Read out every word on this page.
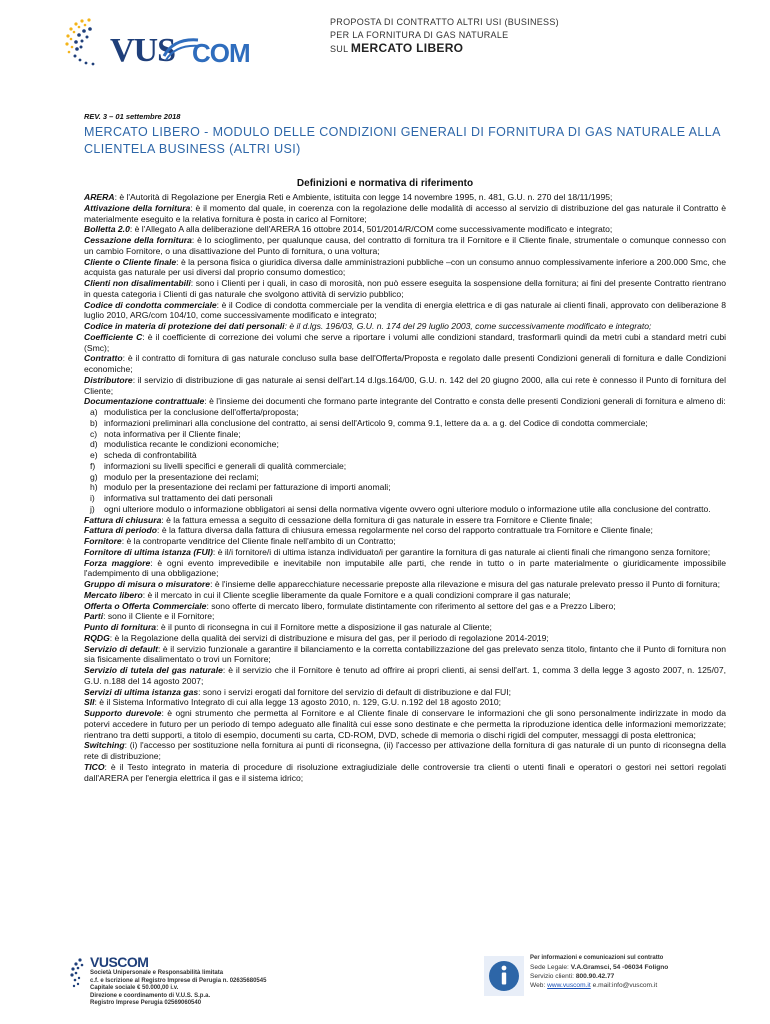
VUS COM
PROPOSTA DI CONTRATTO ALTRI USI (BUSINESS)
PER LA FORNITURA DI GAS NATURALE
SUL MERCATO LIBERO
REV. 3 – 01 settembre 2018
MERCATO LIBERO - MODULO DELLE CONDIZIONI GENERALI DI FORNITURA DI GAS NATURALE ALLA CLIENTELA BUSINESS (ALTRI USI)
Definizioni e normativa di riferimento

ARERA: è l'Autorità di Regolazione per Energia Reti e Ambiente, istituita con legge 14 novembre 1995, n. 481, G.U. n. 270 del 18/11/1995;

Attivazione della fornitura: è il momento dal quale, in coerenza con la regolazione delle modalità di accesso al servizio di distribuzione del gas naturale il Contratto è materialmente eseguito e la relativa fornitura è posta in carico al Fornitore;

Bolletta 2.0: è l'Allegato A alla deliberazione dell'ARERA 16 ottobre 2014, 501/2014/R/COM come successivamente modificato e integrato;

Cessazione della fornitura: è lo scioglimento, per qualunque causa, del contratto di fornitura tra il Fornitore e il Cliente finale, strumentale o comunque connesso con un cambio Fornitore, o una disattivazione del Punto di fornitura, o una voltura;

Cliente o Cliente finale: è la persona fisica o giuridica diversa dalle amministrazioni pubbliche –con un consumo annuo complessivamente inferiore a 200.000 Smc, che acquista gas naturale per usi diversi dal proprio consumo domestico;

Clienti non disalimentabili: sono i Clienti per i quali, in caso di morosità, non può essere eseguita la sospensione della fornitura; ai fini del presente Contratto rientrano in questa categoria i Clienti di gas naturale che svolgono attività di servizio pubblico;

Codice di condotta commerciale: è il Codice di condotta commerciale per la vendita di energia elettrica e di gas naturale ai clienti finali, approvato con deliberazione 8 luglio 2010, ARG/com 104/10, come successivamente modificato e integrato;

Codice in materia di protezione dei dati personali: è il d.lgs. 196/03, G.U. n. 174 del 29 luglio 2003, come successivamente modificato e integrato;

Coefficiente C: è il coefficiente di correzione dei volumi che serve a riportare i volumi alle condizioni standard, trasformarli quindi da metri cubi a standard metri cubi (Smc);

Contratto: è il contratto di fornitura di gas naturale concluso sulla base dell'Offerta/Proposta e regolato dalle presenti Condizioni generali di fornitura e dalle Condizioni economiche;

Distributore: il servizio di distribuzione di gas naturale ai sensi dell'art.14 d.lgs.164/00, G.U. n. 142 del 20 giugno 2000, alla cui rete è connesso il Punto di fornitura del Cliente;

Documentazione contrattuale: è l'insieme dei documenti che formano parte integrante del Contratto e consta delle presenti Condizioni generali di fornitura e almeno di:

a) modulistica per la conclusione dell'offerta/proposta;
b) informazioni preliminari alla conclusione del contratto, ai sensi dell'Articolo 9, comma 9.1, lettere da a. a g. del Codice di condotta commerciale;
c) nota informativa per il Cliente finale;
d) modulistica recante le condizioni economiche;
e) scheda di confrontabilità
f) informazioni su livelli specifici e generali di qualità commerciale;
g) modulo per la presentazione dei reclami;
h) modulo per la presentazione dei reclami per fatturazione di importi anomali;
i) informativa sul trattamento dei dati personali
j) ogni ulteriore modulo o informazione obbligatori ai sensi della normativa vigente ovvero ogni ulteriore modulo o informazione utile alla conclusione del contratto.

Fattura di chiusura: è la fattura emessa a seguito di cessazione della fornitura di gas naturale in essere tra Fornitore e Cliente finale;

Fattura di periodo: è la fattura diversa dalla fattura di chiusura emessa regolarmente nel corso del rapporto contrattuale tra Fornitore e Cliente finale;

Fornitore: è la controparte venditrice del Cliente finale nell'ambito di un Contratto;

Fornitore di ultima istanza (FUI): è il/i fornitore/i di ultima istanza individuato/i per garantire la fornitura di gas naturale ai clienti finali che rimangono senza fornitore;

Forza maggiore: è ogni evento imprevedibile e inevitabile non imputabile alle parti, che rende in tutto o in parte materialmente o giuridicamente impossibile l'adempimento di una obbligazione;

Gruppo di misura o misuratore: è l'insieme delle apparecchiature necessarie preposte alla rilevazione e misura del gas naturale prelevato presso il Punto di fornitura;

Mercato libero: è il mercato in cui il Cliente sceglie liberamente da quale Fornitore e a quali condizioni comprare il gas naturale;

Offerta o Offerta Commerciale: sono offerte di mercato libero, formulate distintamente con riferimento al settore del gas e a Prezzo Libero;

Parti: sono il Cliente e il Fornitore;

Punto di fornitura: è il punto di riconsegna in cui il Fornitore mette a disposizione il gas naturale al Cliente;

RQDG: è la Regolazione della qualità dei servizi di distribuzione e misura del gas, per il periodo di regolazione 2014-2019;

Servizio di default: è il servizio funzionale a garantire il bilanciamento e la corretta contabilizzazione del gas prelevato senza titolo, fintanto che il Punto di fornitura non sia fisicamente disalimentato o trovi un Fornitore;

Servizio di tutela del gas naturale: è il servizio che il Fornitore è tenuto ad offrire ai propri clienti, ai sensi dell'art. 1, comma 3 della legge 3 agosto 2007, n. 125/07, G.U. n.188 del 14 agosto 2007;

Servizi di ultima istanza gas: sono i servizi erogati dal fornitore del servizio di default di distribuzione e dal FUI;

SII: è il Sistema Informativo Integrato di cui alla legge 13 agosto 2010, n. 129, G.U. n.192 del 18 agosto 2010;

Supporto durevole: è ogni strumento che permetta al Fornitore e al Cliente finale di conservare le informazioni che gli sono personalmente indirizzate in modo da potervi accedere in futuro per un periodo di tempo adeguato alle finalità cui esse sono destinate e che permetta la riproduzione identica delle informazioni memorizzate; rientrano tra detti supporti, a titolo di esempio, documenti su carta, CD-ROM, DVD, schede di memoria o dischi rigidi del computer, messaggi di posta elettronica;

Switching: (i) l'accesso per sostituzione nella fornitura ai punti di riconsegna, (ii) l'accesso per attivazione della fornitura di gas naturale di un punto di riconsegna della rete di distribuzione;

TICO: è il Testo integrato in materia di procedure di risoluzione extragiudiziale delle controversie tra clienti o utenti finali e operatori o gestori nei settori regolati dall'ARERA per l'energia elettrica il gas e il sistema idrico;

VUSCOM
Società Unipersonale e Responsabilità limitata
c.f. e Iscrizione al Registro Imprese di Perugia n. 02635680545
Capitale sociale € 50.000,00 i.v.
Direzione e coordinamento di V.U.S. S.p.a.
Registro Imprese Perugia 02569060540
Per informazioni e comunicazioni sul contratto
Sede Legale: V.A.Gramsci, 54 -06034 Foligno
Servizio clienti: 800.90.42.77
Web: www.vuscom.it e.mail:info@vuscom.it
